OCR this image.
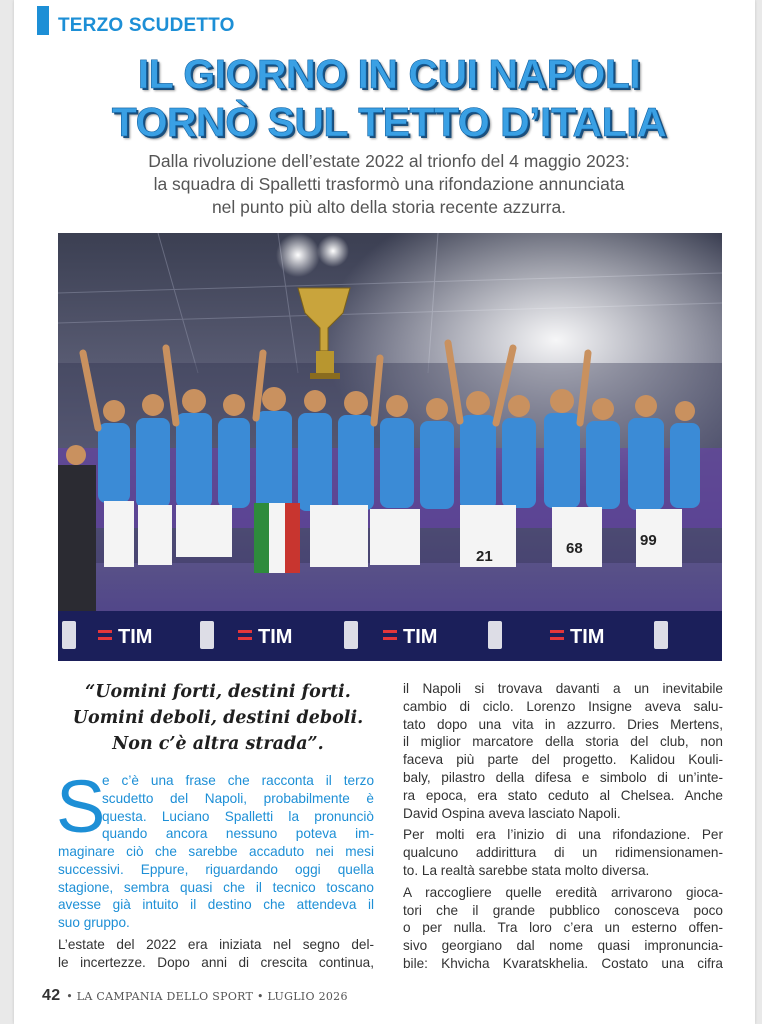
TERZO SCUDETTO
IL GIORNO IN CUI NAPOLI
TORNÒ SUL TETTO D’ITALIA
Dalla rivoluzione dell’estate 2022 al trionfo del 4 maggio 2023:
la squadra di Spalletti trasformò una rifondazione annunciata
nel punto più alto della storia recente azzurra.
21	68	99
TIM	TIM	TIM	TIM
“Uomini forti, destini forti.
Uomini deboli, destini deboli.
Non c’è altra strada”.
S
e c’è una frase che racconta il terzo
scudetto del Napoli, probabilmente è
questa. Luciano Spalletti la pronunciò
quando ancora nessuno poteva im-
maginare ciò che sarebbe accaduto nei mesi
successivi. Eppure, riguardando oggi quella
stagione, sembra quasi che il tecnico toscano
avesse già intuito il destino che attendeva il
suo gruppo.
L’estate del 2022 era iniziata nel segno del-
le incertezze. Dopo anni di crescita continua,

il Napoli si trovava davanti a un inevitabile
cambio di ciclo. Lorenzo Insigne aveva salu-
tato dopo una vita in azzurro. Dries Mertens,
il miglior marcatore della storia del club, non
faceva più parte del progetto. Kalidou Kouli-
baly, pilastro della difesa e simbolo di un’inte-
ra epoca, era stato ceduto al Chelsea. Anche
David Ospina aveva lasciato Napoli.

Per molti era l’inizio di una rifondazione. Per
qualcuno addirittura di un ridimensionamen-
to. La realtà sarebbe stata molto diversa.

A raccogliere quelle eredità arrivarono gioca-
tori che il grande pubblico conosceva poco
o per nulla. Tra loro c’era un esterno offen-
sivo georgiano dal nome quasi impronuncia-
bile: Khvicha Kvaratskhelia. Costato una cifra

42 • LA CAMPANIA DELLO SPORT • LUGLIO 2026
